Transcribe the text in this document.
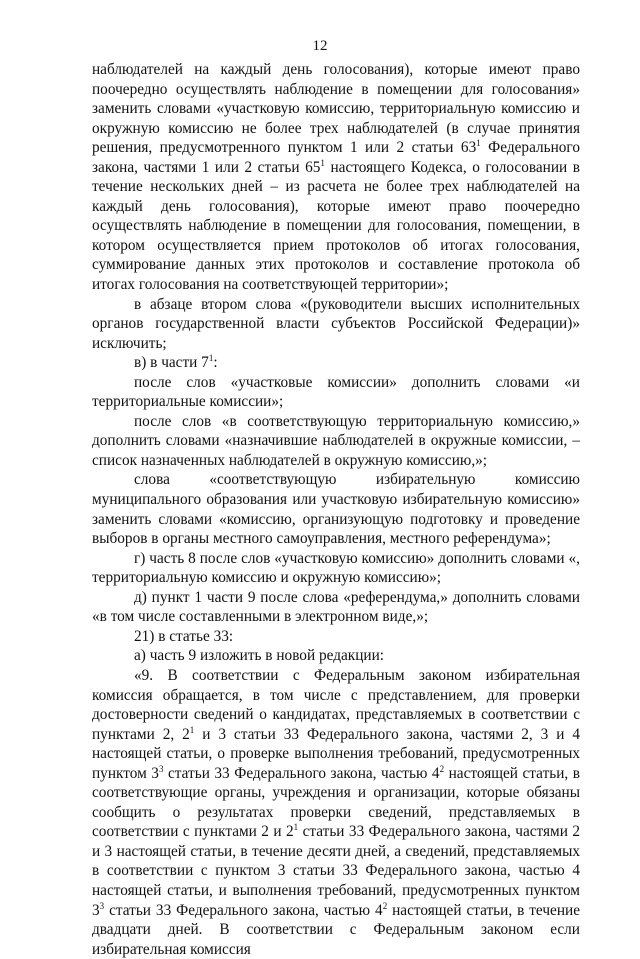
12

наблюдателей на каждый день голосования), которые имеют право поочередно осуществлять наблюдение в помещении для голосования» заменить словами «участковую комиссию, территориальную комиссию и окружную комиссию не более трех наблюдателей (в случае принятия решения, предусмотренного пунктом 1 или 2 статьи $63^1$ Федерального закона, частями 1 или 2 статьи $65^1$ настоящего Кодекса, о голосовании в течение нескольких дней – из расчета не более трех наблюдателей на каждый день голосования), которые имеют право поочередно осуществлять наблюдение в помещении для голосования, помещении, в котором осуществляется прием протоколов об итогах голосования, суммирование данных этих протоколов и составление протокола об итогах голосования на соответствующей территории»;

в абзаце втором слова «(руководители высших исполнительных органов государственной власти субъектов Российской Федерации)» исключить;

в) в части $7^1$:

после слов «участковые комиссии» дополнить словами «и территориальные комиссии»;

после слов «в соответствующую территориальную комиссию,» дополнить словами «назначившие наблюдателей в окружные комиссии, – список назначенных наблюдателей в окружную комиссию,»;

слова «соответствующую избирательную комиссию муниципального образования или участковую избирательную комиссию» заменить словами «комиссию, организующую подготовку и проведение выборов в органы местного самоуправления, местного референдума»;

г) часть 8 после слов «участковую комиссию» дополнить словами «, территориальную комиссию и окружную комиссию»;

д) пункт 1 части 9 после слова «референдума,» дополнить словами «в том числе составленными в электронном виде,»;

21) в статье 33:

а) часть 9 изложить в новой редакции:

«9. В соответствии с Федеральным законом избирательная комиссия обращается, в том числе с представлением, для проверки достоверности сведений о кандидатах, представляемых в соответствии с пунктами 2, $2^1$ и 3 статьи 33 Федерального закона, частями 2, 3 и 4 настоящей статьи, о проверке выполнения требований, предусмотренных пунктом $3^3$ статьи 33 Федерального закона, частью $4^2$ настоящей статьи, в соответствующие органы, учреждения и организации, которые обязаны сообщить о результатах проверки сведений, представляемых в соответствии с пунктами 2 и $2^1$ статьи 33 Федерального закона, частями 2 и 3 настоящей статьи, в течение десяти дней, а сведений, представляемых в соответствии с пунктом 3 статьи 33 Федерального закона, частью 4 настоящей статьи, и выполнения требований, предусмотренных пунктом $3^3$ статьи 33 Федерального закона, частью $4^2$ настоящей статьи, в течение двадцати дней. В соответствии с Федеральным законом если избирательная комиссия
